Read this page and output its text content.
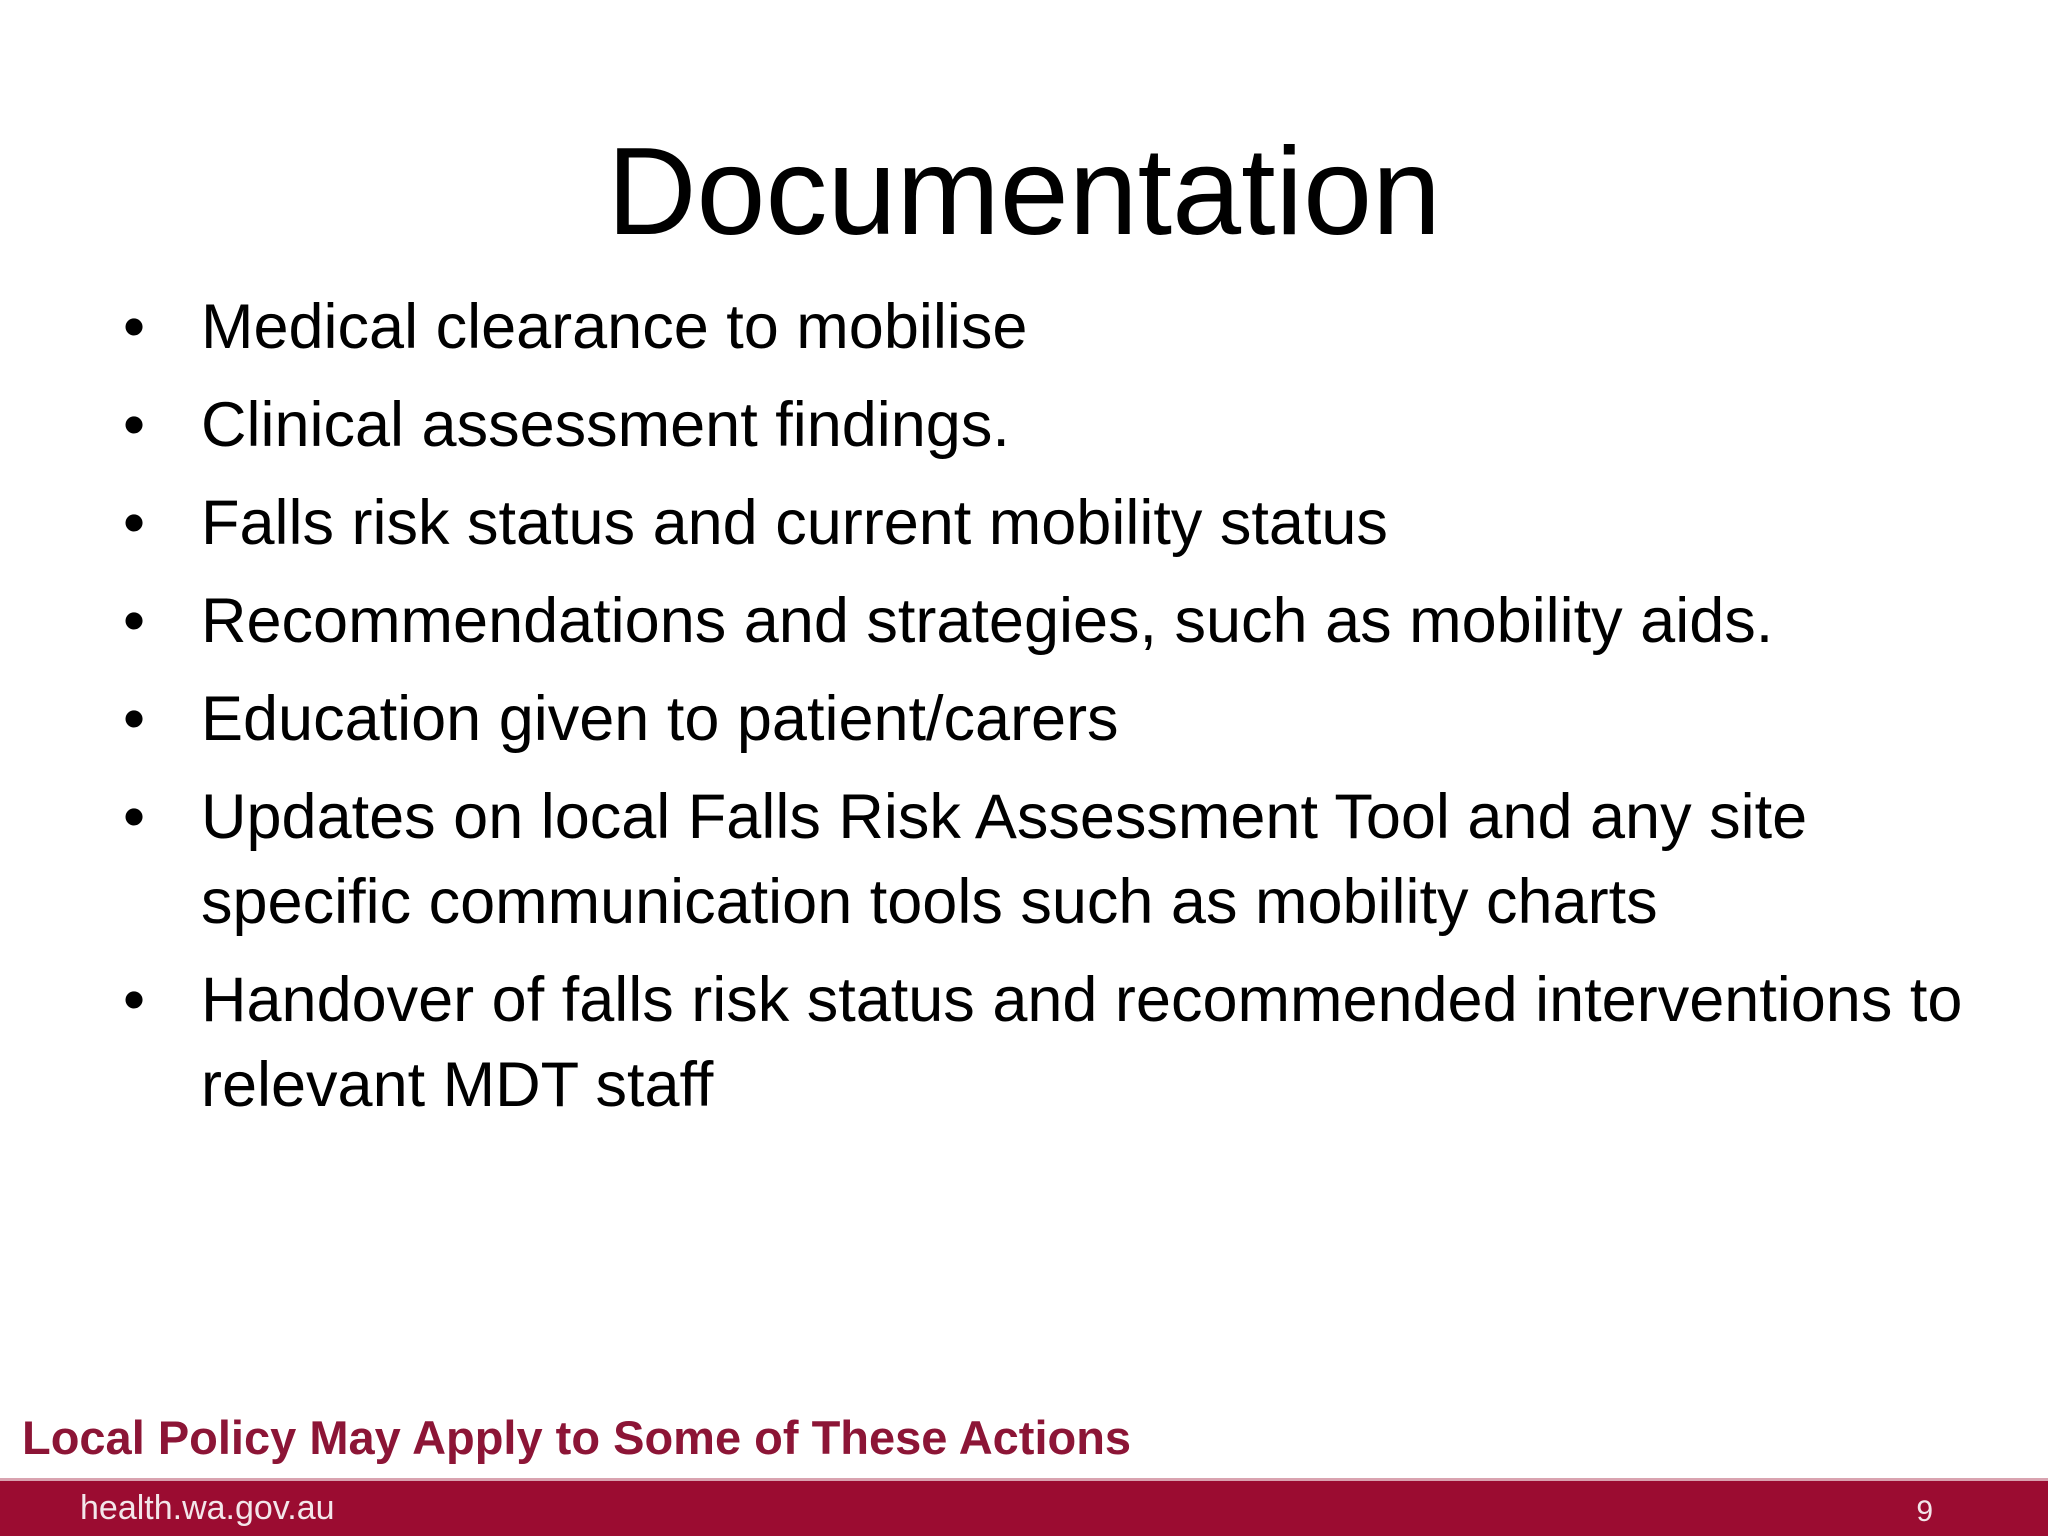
Documentation
• Medical clearance to mobilise
• Clinical assessment findings.
• Falls risk status and current mobility status
• Recommendations and strategies, such as mobility aids.
• Education given to patient/carers
• Updates on local Falls Risk Assessment Tool and any site specific communication tools such as mobility charts
• Handover of falls risk status and recommended interventions to relevant MDT staff
Local Policy May Apply to Some of These Actions
health.wa.gov.au	9
